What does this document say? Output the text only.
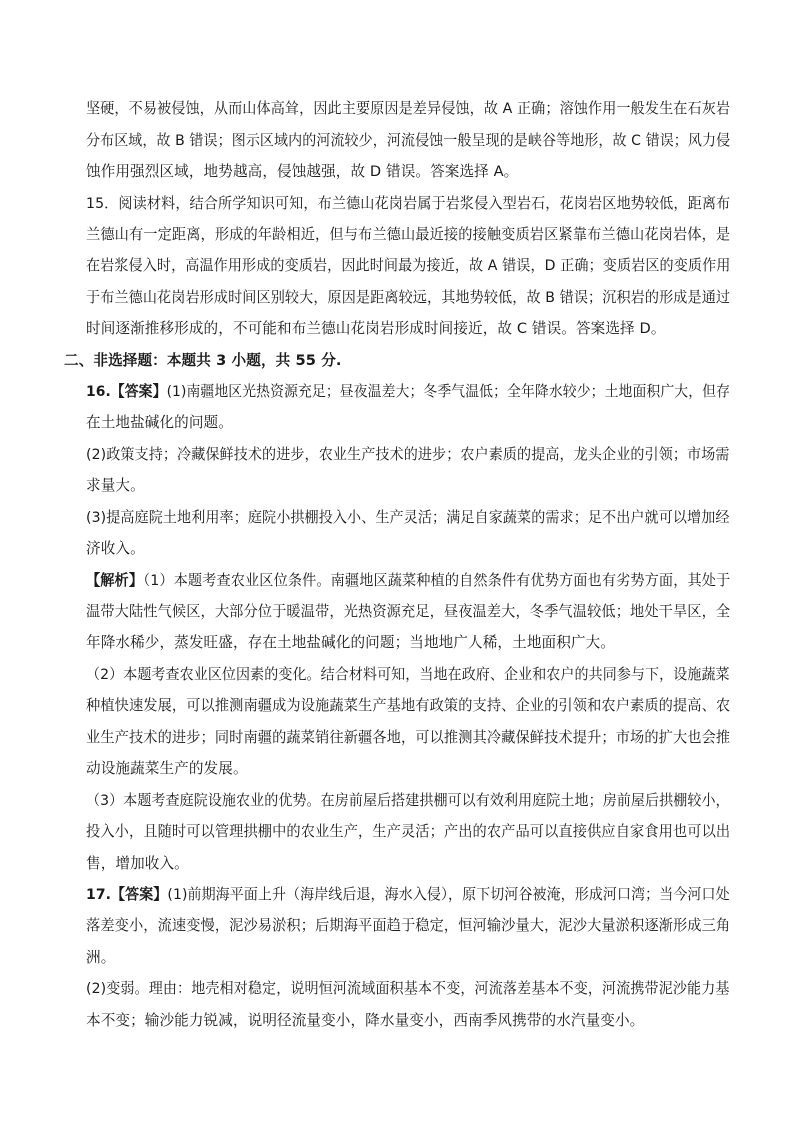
坚硬，不易被侵蚀，从而山体高耸，因此主要原因是差异侵蚀，故 A 正确；溶蚀作用一般发生在石灰岩
分布区域，故 B 错误；图示区域内的河流较少，河流侵蚀一般呈现的是峡谷等地形，故 C 错误；风力侵
蚀作用强烈区域，地势越高，侵蚀越强，故 D 错误。答案选择 A。
15．阅读材料，结合所学知识可知，布兰德山花岗岩属于岩浆侵入型岩石，花岗岩区地势较低，距离布
兰德山有一定距离，形成的年龄相近，但与布兰德山最近接的接触变质岩区紧靠布兰德山花岗岩体，是
在岩浆侵入时，高温作用形成的变质岩，因此时间最为接近，故 A 错误，D 正确；变质岩区的变质作用
于布兰德山花岗岩形成时间区别较大，原因是距离较远，其地势较低，故 B 错误；沉积岩的形成是通过
时间逐渐推移形成的，不可能和布兰德山花岗岩形成时间接近，故 C 错误。答案选择 D。
二、非选择题：本题共 3 小题，共 55 分.
16.【答案】(1)南疆地区光热资源充足；昼夜温差大；冬季气温低；全年降水较少；土地面积广大，但存
在土地盐碱化的问题。
(2)政策支持；冷藏保鲜技术的进步，农业生产技术的进步；农户素质的提高，龙头企业的引领；市场需
求量大。
(3)提高庭院土地利用率；庭院小拱棚投入小、生产灵活；满足自家蔬菜的需求；足不出户就可以增加经
济收入。
【解析】（1）本题考查农业区位条件。南疆地区蔬菜种植的自然条件有优势方面也有劣势方面，其处于
温带大陆性气候区，大部分位于暖温带，光热资源充足，昼夜温差大，冬季气温较低；地处干旱区，全
年降水稀少，蒸发旺盛，存在土地盐碱化的问题；当地地广人稀，土地面积广大。
（2）本题考查农业区位因素的变化。结合材料可知，当地在政府、企业和农户的共同参与下，设施蔬菜
种植快速发展，可以推测南疆成为设施蔬菜生产基地有政策的支持、企业的引领和农户素质的提高、农
业生产技术的进步；同时南疆的蔬菜销往新疆各地，可以推测其冷藏保鲜技术提升；市场的扩大也会推
动设施蔬菜生产的发展。
（3）本题考查庭院设施农业的优势。在房前屋后搭建拱棚可以有效利用庭院土地；房前屋后拱棚较小，
投入小，且随时可以管理拱棚中的农业生产，生产灵活；产出的农产品可以直接供应自家食用也可以出
售，增加收入。
17.【答案】(1)前期海平面上升（海岸线后退，海水入侵），原下切河谷被淹，形成河口湾；当今河口处
落差变小，流速变慢，泥沙易淤积；后期海平面趋于稳定，恒河输沙量大，泥沙大量淤积逐渐形成三角
洲。
(2)变弱。理由：地壳相对稳定，说明恒河流域面积基本不变，河流落差基本不变，河流携带泥沙能力基
本不变；输沙能力锐减，说明径流量变小，降水量变小，西南季风携带的水汽量变小。
